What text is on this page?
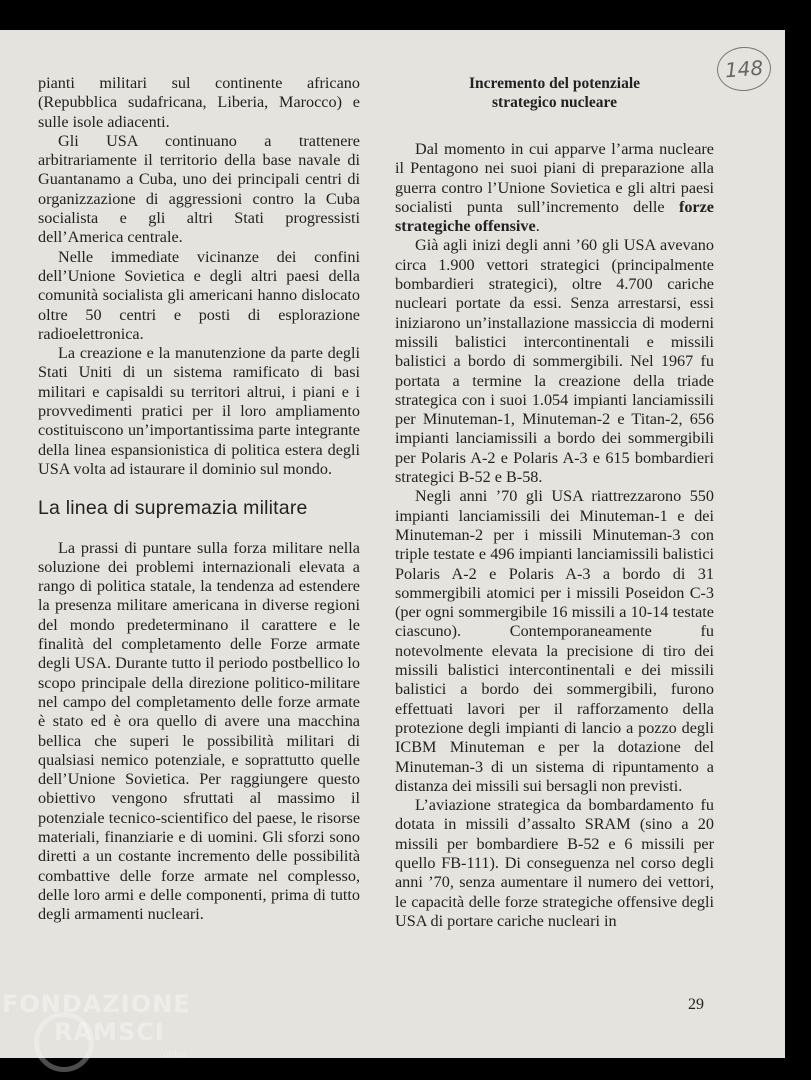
148

pianti militari sul continente africano (Repubblica sudafricana, Liberia, Marocco) e sulle isole adiacenti.

Gli USA continuano a trattenere arbitrariamente il territorio della base navale di Guantanamo a Cuba, uno dei principali centri di organizzazione di aggressioni contro la Cuba socialista e gli altri Stati progressisti dell’America centrale.

Nelle immediate vicinanze dei confini dell’Unione Sovietica e degli altri paesi della comunità socialista gli americani hanno dislocato oltre 50 centri e posti di esplorazione radioelettronica.

La creazione e la manutenzione da parte degli Stati Uniti di un sistema ramificato di basi militari e capisaldi su territori altrui, i piani e i provvedimenti pratici per il loro ampliamento costituiscono un’importantissima parte integrante della linea espansionistica di politica estera degli USA volta ad istaurare il dominio sul mondo.

La linea di supremazia militare

La prassi di puntare sulla forza militare nella soluzione dei problemi internazionali elevata a rango di politica statale, la tendenza ad estendere la presenza militare americana in diverse regioni del mondo predeterminano il carattere e le finalità del completamento delle Forze armate degli USA. Durante tutto il periodo postbellico lo scopo principale della direzione politico-militare nel campo del completamento delle forze armate è stato ed è ora quello di avere una macchina bellica che superi le possibilità militari di qualsiasi nemico potenziale, e soprattutto quelle dell’Unione Sovietica. Per raggiungere questo obiettivo vengono sfruttati al massimo il potenziale tecnico-scientifico del paese, le risorse materiali, finanziarie e di uomini. Gli sforzi sono diretti a un costante incremento delle possibilità combattive delle forze armate nel complesso, delle loro armi e delle componenti, prima di tutto degli armamenti nucleari.

Incremento del potenziale
strategico nucleare

Dal momento in cui apparve l’arma nucleare il Pentagono nei suoi piani di preparazione alla guerra contro l’Unione Sovietica e gli altri paesi socialisti punta sull’incremento delle forze strategiche offensive.

Già agli inizi degli anni ’60 gli USA avevano circa 1.900 vettori strategici (principalmente bombardieri strategici), oltre 4.700 cariche nucleari portate da essi. Senza arrestarsi, essi iniziarono un’installazione massiccia di moderni missili balistici intercontinentali e missili balistici a bordo di sommergibili. Nel 1967 fu portata a termine la creazione della triade strategica con i suoi 1.054 impianti lanciamissili per Minuteman-1, Minuteman-2 e Titan-2, 656 impianti lanciamissili a bordo dei sommergibili per Polaris A-2 e Polaris A-3 e 615 bombardieri strategici B-52 e B-58.

Negli anni ’70 gli USA riattrezzarono 550 impianti lanciamissili dei Minuteman-1 e dei Minuteman-2 per i missili Minuteman-3 con triple testate e 496 impianti lanciamissili balistici Polaris A-2 e Polaris A-3 a bordo di 31 sommergibili atomici per i missili Poseidon C-3 (per ogni sommergibile 16 missili a 10-14 testate ciascuno). Contemporaneamente fu notevolmente elevata la precisione di tiro dei missili balistici intercontinentali e dei missili balistici a bordo dei sommergibili, furono effettuati lavori per il rafforzamento della protezione degli impianti di lancio a pozzo degli ICBM Minuteman e per la dotazione del Minuteman-3 di un sistema di ripuntamento a distanza dei missili sui bersagli non previsti.

L’aviazione strategica da bombardamento fu dotata in missili d’assalto SRAM (sino a 20 missili per bombardiere B-52 e 6 missili per quello FB-111). Di conseguenza nel corso degli anni ’70, senza aumentare il numero dei vettori, le capacità delle forze strategiche offensive degli USA di portare cariche nucleari in

29
FONDAZIONE
RAMSCI
onlus
